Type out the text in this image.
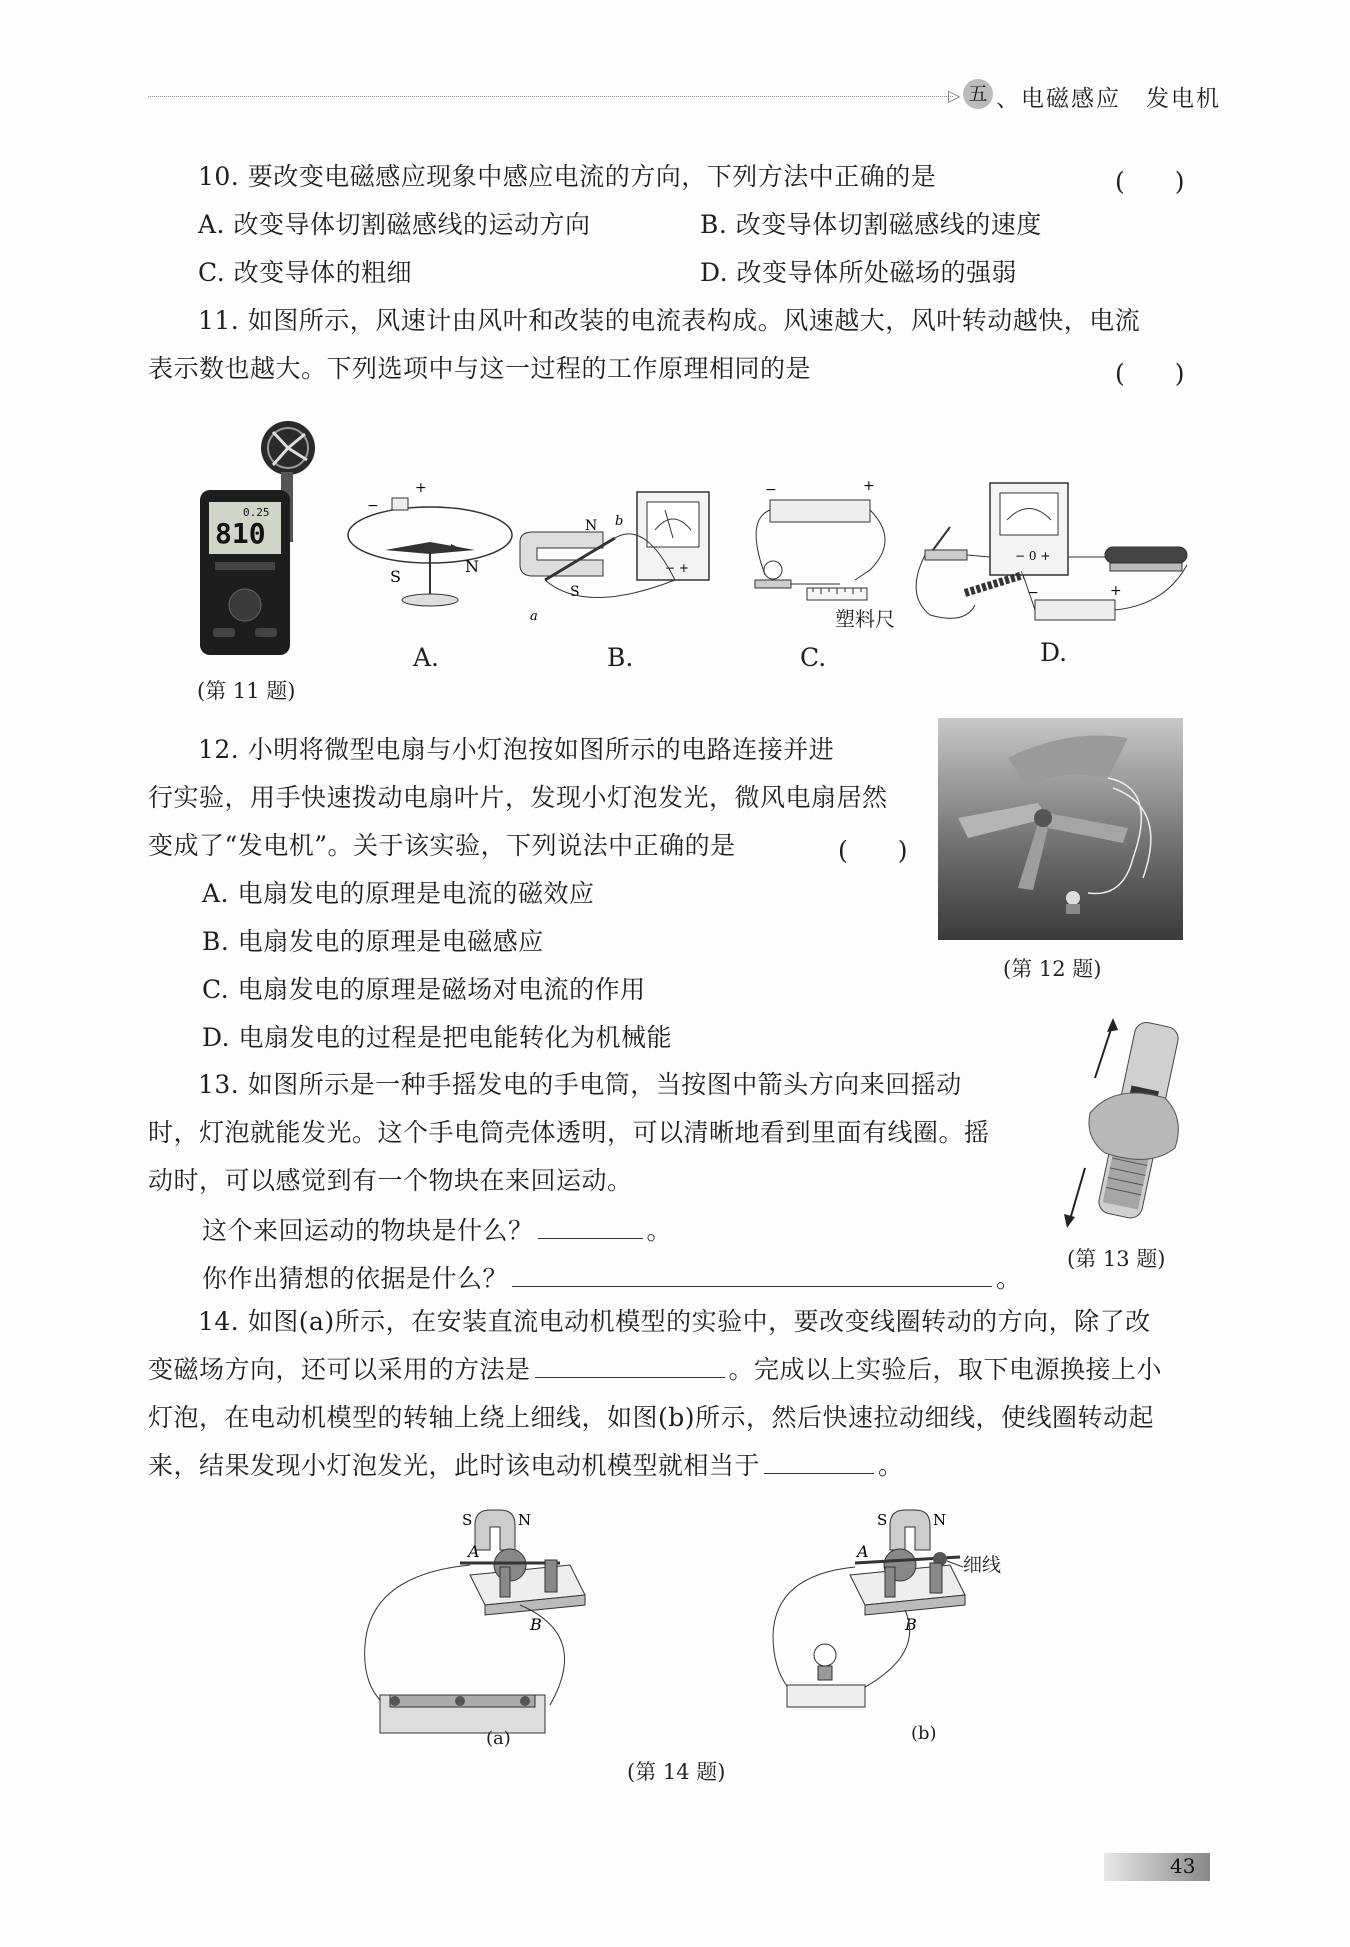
▷ 五 、电磁感应　发电机
10. 要改变电磁感应现象中感应电流的方向，下列方法中正确的是	(　　)
A. 改变导体切割磁感线的运动方向	B. 改变导体切割磁感线的速度
C. 改变导体的粗细	D. 改变导体所处磁场的强弱
11. 如图所示，风速计由风叶和改装的电流表构成。风速越大，风叶转动越快，电流
表示数也越大。下列选项中与这一过程的工作原理相同的是	(　　)
0.25
810
(第 11 题)
+
−
S
N
A.
− +
N b
S
a
B.
−	+
塑料尺
C.
− 0 +
−	+
D.
12. 小明将微型电扇与小灯泡按如图所示的电路连接并进
行实验，用手快速拨动电扇叶片，发现小灯泡发光，微风电扇居然
变成了“发电机”。关于该实验，下列说法中正确的是	(　　)
A. 电扇发电的原理是电流的磁效应
B. 电扇发电的原理是电磁感应
C. 电扇发电的原理是磁场对电流的作用
D. 电扇发电的过程是把电能转化为机械能
(第 12 题)
13. 如图所示是一种手摇发电的手电筒，当按图中箭头方向来回摇动
时，灯泡就能发光。这个手电筒壳体透明，可以清晰地看到里面有线圈。摇
动时，可以感觉到有一个物块在来回运动。
这个来回运动的物块是什么？	。
你作出猜想的依据是什么？	。
(第 13 题)
14. 如图(a)所示，在安装直流电动机模型的实验中，要改变线圈转动的方向，除了改
变磁场方向，还可以采用的方法是	。完成以上实验后，取下电源换接上小
灯泡，在电动机模型的转轴上绕上细线，如图(b)所示，然后快速拉动细线，使线圈转动起
来，结果发现小灯泡发光，此时该电动机模型就相当于	。
S	N
A
B
(a)
S	N
A
B
细线
(b)
(第 14 题)
43
